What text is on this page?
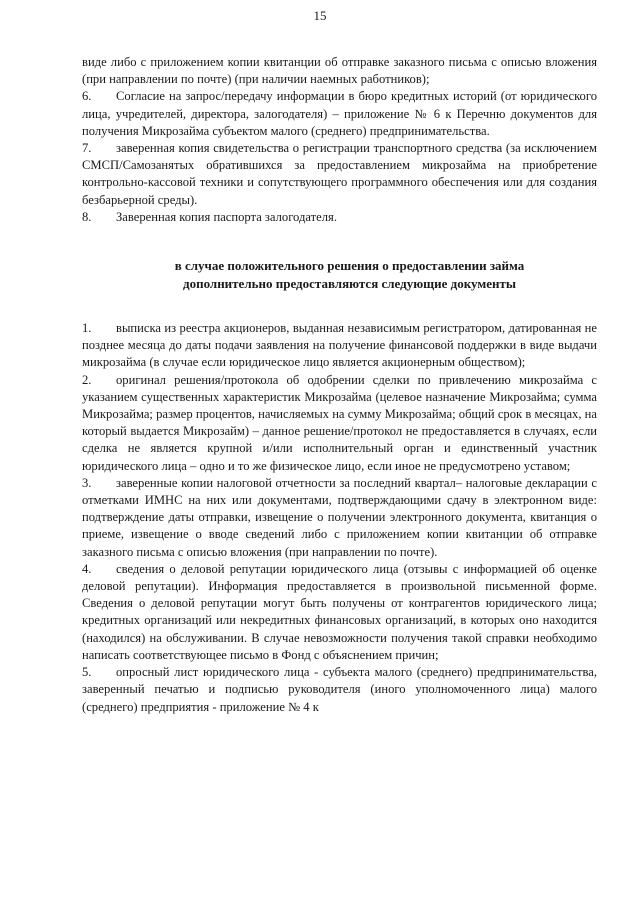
15

виде либо с приложением копии квитанции об отправке заказного письма с описью вложения (при направлении по почте) (при наличии наемных работников);

6. Согласие на запрос/передачу информации в бюро кредитных историй (от юридического лица, учредителей, директора, залогодателя) – приложение № 6 к Перечню документов для получения Микрозайма субъектом малого (среднего) предпринимательства.

7. заверенная копия свидетельства о регистрации транспортного средства (за исключением СМСП/Самозанятых обратившихся за предоставлением микрозайма на приобретение контрольно-кассовой техники и сопутствующего программного обеспечения или для создания безбарьерной среды).

8. Заверенная копия паспорта залогодателя.

в случае положительного решения о предоставлении займа
дополнительно предоставляются следующие документы

1. выписка из реестра акционеров, выданная независимым регистратором, датированная не позднее месяца до даты подачи заявления на получение финансовой поддержки в виде выдачи микрозайма (в случае если юридическое лицо является акционерным обществом);

2. оригинал решения/протокола об одобрении сделки по привлечению микрозайма с указанием существенных характеристик Микрозайма (целевое назначение Микрозайма; сумма Микрозайма; размер процентов, начисляемых на сумму Микрозайма; общий срок в месяцах, на который выдается Микрозайм) – данное решение/протокол не предоставляется в случаях, если сделка не является крупной и/или исполнительный орган и единственный участник юридического лица – одно и то же физическое лицо, если иное не предусмотрено уставом;

3. заверенные копии налоговой отчетности за последний квартал– налоговые декларации с отметками ИМНС на них или документами, подтверждающими сдачу в электронном виде: подтверждение даты отправки, извещение о получении электронного документа, квитанция о приеме, извещение о вводе сведений либо с приложением копии квитанции об отправке заказного письма с описью вложения (при направлении по почте).

4. сведения о деловой репутации юридического лица (отзывы с информацией об оценке деловой репутации). Информация предоставляется в произвольной письменной форме. Сведения о деловой репутации могут быть получены от контрагентов юридического лица; кредитных организаций или некредитных финансовых организаций, в которых оно находится (находился) на обслуживании. В случае невозможности получения такой справки необходимо написать соответствующее письмо в Фонд с объяснением причин;

5. опросный лист юридического лица - субъекта малого (среднего) предпринимательства, заверенный печатью и подписью руководителя (иного уполномоченного лица) малого (среднего) предприятия - приложение № 4 к
